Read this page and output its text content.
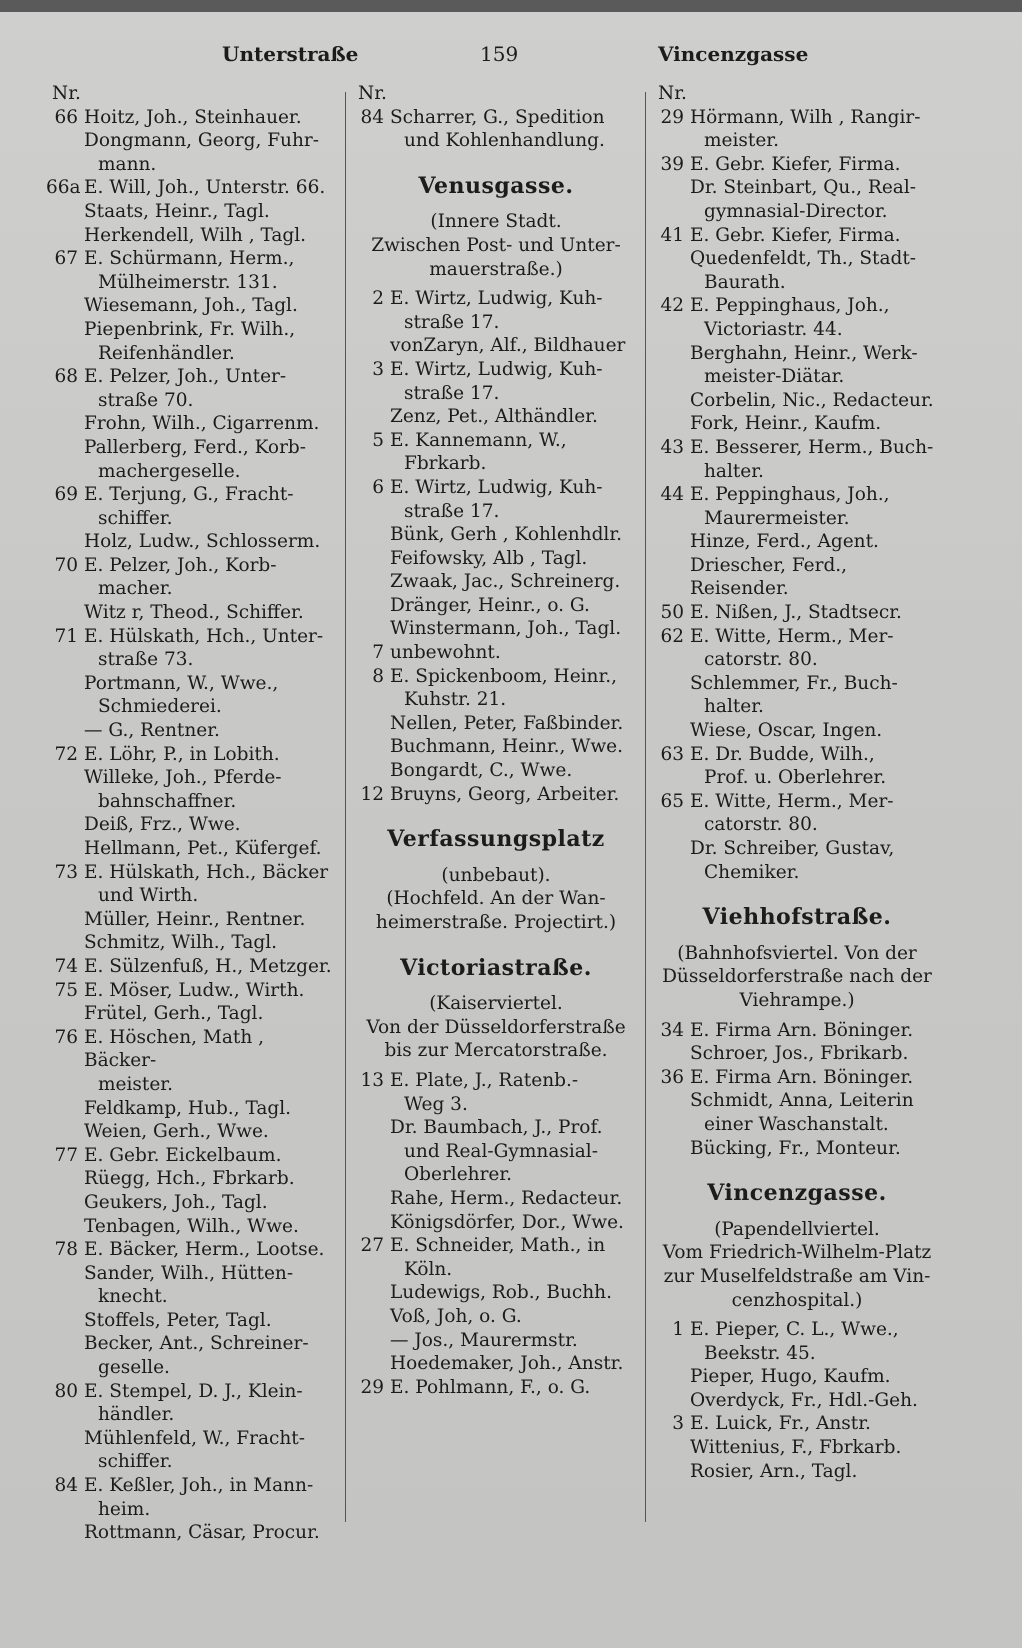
Unterstraße	159	Vincenzgasse
Nr.
66 Hoitz, Joh., Steinhauer.
Dongmann, Georg, Fuhr-
mann.
66a E. Will, Joh., Unterstr. 66.
Staats, Heinr., Tagl.
Herkendell, Wilh , Tagl.
67 E. Schürmann, Herm.,
Mülheimerstr. 131.
Wiesemann, Joh., Tagl.
Piepenbrink, Fr. Wilh.,
Reifenhändler.
68 E. Pelzer, Joh., Unter-
straße 70.
Frohn, Wilh., Cigarrenm.
Pallerberg, Ferd., Korb-
machergeselle.
69 E. Terjung, G., Fracht-
schiffer.
Holz, Ludw., Schlosserm.
70 E. Pelzer, Joh., Korb-
macher.
Witz r, Theod., Schiffer.
71 E. Hülskath, Hch., Unter-
straße 73.
Portmann, W., Wwe.,
Schmiederei.
— G., Rentner.
72 E. Löhr, P., in Lobith.
Willeke, Joh., Pferde-
bahnschaffner.
Deiß, Frz., Wwe.
Hellmann, Pet., Küfergef.
73 E. Hülskath, Hch., Bäcker
und Wirth.
Müller, Heinr., Rentner.
Schmitz, Wilh., Tagl.
74 E. Sülzenfuß, H., Metzger.
75 E. Möser, Ludw., Wirth.
Frütel, Gerh., Tagl.
76 E. Höschen, Math , Bäcker-
meister.
Feldkamp, Hub., Tagl.
Weien, Gerh., Wwe.
77 E. Gebr. Eickelbaum.
Rüegg, Hch., Fbrkarb.
Geukers, Joh., Tagl.
Tenbagen, Wilh., Wwe.
78 E. Bäcker, Herm., Lootse.
Sander, Wilh., Hütten-
knecht.
Stoffels, Peter, Tagl.
Becker, Ant., Schreiner-
geselle.
80 E. Stempel, D. J., Klein-
händler.
Mühlenfeld, W., Fracht-
schiffer.
84 E. Keßler, Joh., in Mann-
heim.
Rottmann, Cäsar, Procur.
Nr.
84 Scharrer, G., Spedition
und Kohlenhandlung.
Venusgasse.
(Innere Stadt.
Zwischen Post- und Unter-
mauerstraße.)
2 E. Wirtz, Ludwig, Kuh-
straße 17.
vonZaryn, Alf., Bildhauer
3 E. Wirtz, Ludwig, Kuh-
straße 17.
Zenz, Pet., Althändler.
5 E. Kannemann, W.,
Fbrkarb.
6 E. Wirtz, Ludwig, Kuh-
straße 17.
Bünk, Gerh , Kohlenhdlr.
Feifowsky, Alb , Tagl.
Zwaak, Jac., Schreinerg.
Dränger, Heinr., o. G.
Winstermann, Joh., Tagl.
7 unbewohnt.
8 E. Spickenboom, Heinr.,
Kuhstr. 21.
Nellen, Peter, Faßbinder.
Buchmann, Heinr., Wwe.
Bongardt, C., Wwe.
12 Bruyns, Georg, Arbeiter.
Verfassungsplatz
(unbebaut).
(Hochfeld. An der Wan-
heimerstraße. Projectirt.)
Victoriastraße.
(Kaiserviertel.
Von der Düsseldorferstraße
bis zur Mercatorstraße.
13 E. Plate, J., Ratenb.-
Weg 3.
Dr. Baumbach, J., Prof.
und Real-Gymnasial-
Oberlehrer.
Rahe, Herm., Redacteur.
Königsdörfer, Dor., Wwe.
27 E. Schneider, Math., in
Köln.
Ludewigs, Rob., Buchh.
Voß, Joh, o. G.
— Jos., Maurermstr.
Hoedemaker, Joh., Anstr.
29 E. Pohlmann, F., o. G.
Nr.
29 Hörmann, Wilh , Rangir-
meister.
39 E. Gebr. Kiefer, Firma.
Dr. Steinbart, Qu., Real-
gymnasial-Director.
41 E. Gebr. Kiefer, Firma.
Quedenfeldt, Th., Stadt-
Baurath.
42 E. Peppinghaus, Joh.,
Victoriastr. 44.
Berghahn, Heinr., Werk-
meister-Diätar.
Corbelin, Nic., Redacteur.
Fork, Heinr., Kaufm.
43 E. Besserer, Herm., Buch-
halter.
44 E. Peppinghaus, Joh.,
Maurermeister.
Hinze, Ferd., Agent.
Driescher, Ferd., Reisender.
50 E. Nißen, J., Stadtsecr.
62 E. Witte, Herm., Mer-
catorstr. 80.
Schlemmer, Fr., Buch-
halter.
Wiese, Oscar, Ingen.
63 E. Dr. Budde, Wilh.,
Prof. u. Oberlehrer.
65 E. Witte, Herm., Mer-
catorstr. 80.
Dr. Schreiber, Gustav,
Chemiker.
Viehhofstraße.
(Bahnhofsviertel. Von der
Düsseldorferstraße nach der
Viehrampe.)
34 E. Firma Arn. Böninger.
Schroer, Jos., Fbrikarb.
36 E. Firma Arn. Böninger.
Schmidt, Anna, Leiterin
einer Waschanstalt.
Bücking, Fr., Monteur.
Vincenzgasse.
(Papendellviertel.
Vom Friedrich-Wilhelm-Platz
zur Muselfeldstraße am Vin-
cenzhospital.)
1 E. Pieper, C. L., Wwe.,
Beekstr. 45.
Pieper, Hugo, Kaufm.
Overdyck, Fr., Hdl.-Geh.
3 E. Luick, Fr., Anstr.
Wittenius, F., Fbrkarb.
Rosier, Arn., Tagl.
